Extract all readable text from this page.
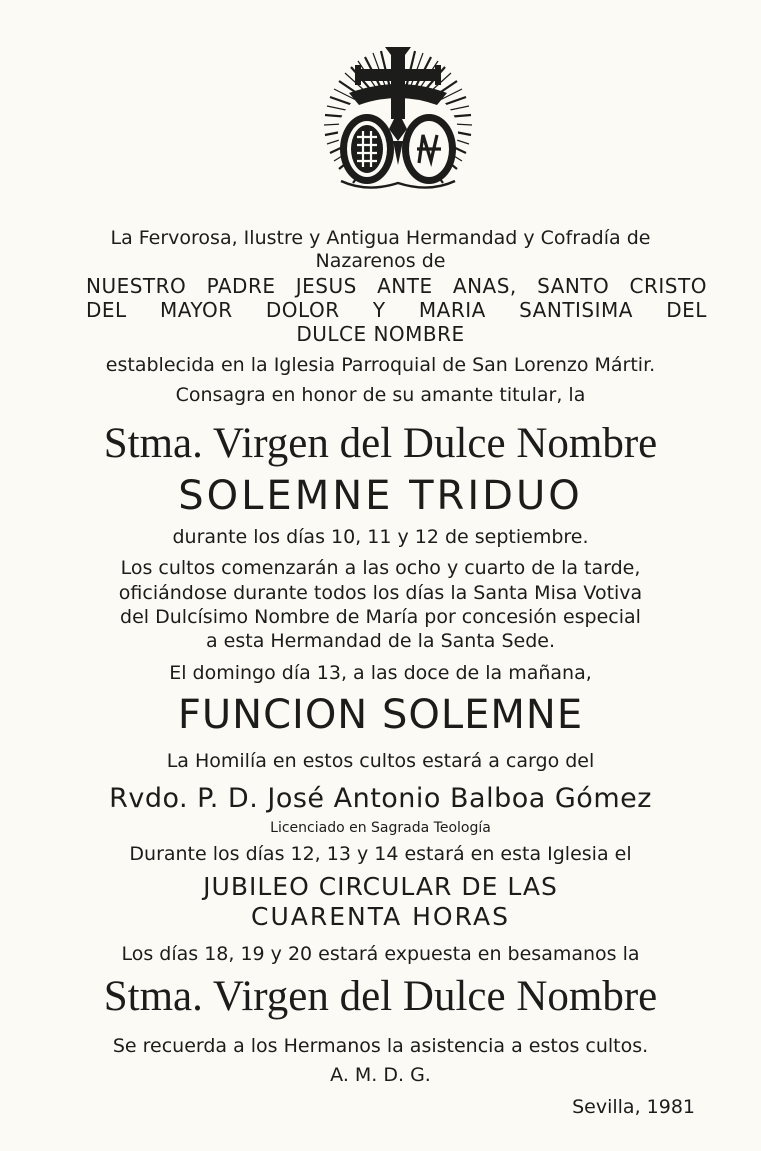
La Fervorosa, Ilustre y Antigua Hermandad y Cofradía de
Nazarenos de
NUESTRO PADRE JESUS ANTE ANAS, SANTO CRISTO
DEL MAYOR DOLOR Y MARIA SANTISIMA DEL
DULCE NOMBRE
establecida en la Iglesia Parroquial de San Lorenzo Mártir.
Consagra en honor de su amante titular, la
Stma. Virgen del Dulce Nombre
SOLEMNE TRIDUO
durante los días 10, 11 y 12 de septiembre.
Los cultos comenzarán a las ocho y cuarto de la tarde,
oficiándose durante todos los días la Santa Misa Votiva
del Dulcísimo Nombre de María por concesión especial
a esta Hermandad de la Santa Sede.
El domingo día 13, a las doce de la mañana,
FUNCION SOLEMNE
La Homilía en estos cultos estará a cargo del
Rvdo. P. D. José Antonio Balboa Gómez
Licenciado en Sagrada Teología
Durante los días 12, 13 y 14 estará en esta Iglesia el
JUBILEO CIRCULAR DE LAS
CUARENTA HORAS
Los días 18, 19 y 20 estará expuesta en besamanos la
Stma. Virgen del Dulce Nombre
Se recuerda a los Hermanos la asistencia a estos cultos.
A. M. D. G.
Sevilla, 1981
